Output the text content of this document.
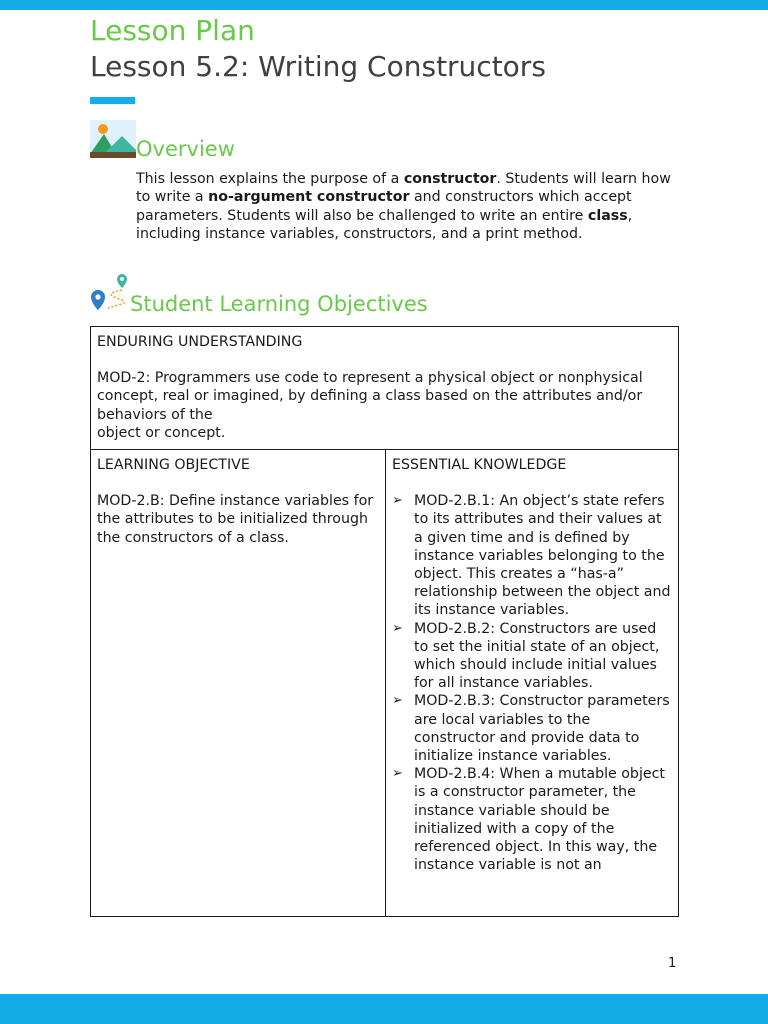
Lesson Plan
Lesson 5.2: Writing Constructors
Overview
This lesson explains the purpose of a constructor. Students will learn how to write a no-argument constructor and constructors which accept parameters. Students will also be challenged to write an entire class, including instance variables, constructors, and a print method.
Student Learning Objectives
ENDURING UNDERSTANDING
MOD-2: Programmers use code to represent a physical object or nonphysical concept, real or imagined, by defining a class based on the attributes and/or behaviors of the
object or concept.

LEARNING OBJECTIVE
MOD-2.B: Define instance variables for
the attributes to be initialized through the constructors of a class.

ESSENTIAL KNOWLEDGE
➢ MOD-2.B.1: An object’s state refers to its attributes and their values at a given time and is defined by instance variables belonging to the object. This creates a “has-a” relationship between the object and its instance variables.
➢ MOD-2.B.2: Constructors are used to set the initial state of an object, which should include initial values for all instance variables.
➢ MOD-2.B.3: Constructor parameters are local variables to the constructor and provide data to initialize instance variables.
➢ MOD-2.B.4: When a mutable object is a constructor parameter, the instance variable should be initialized with a copy of the referenced object. In this way, the instance variable is not an
1
